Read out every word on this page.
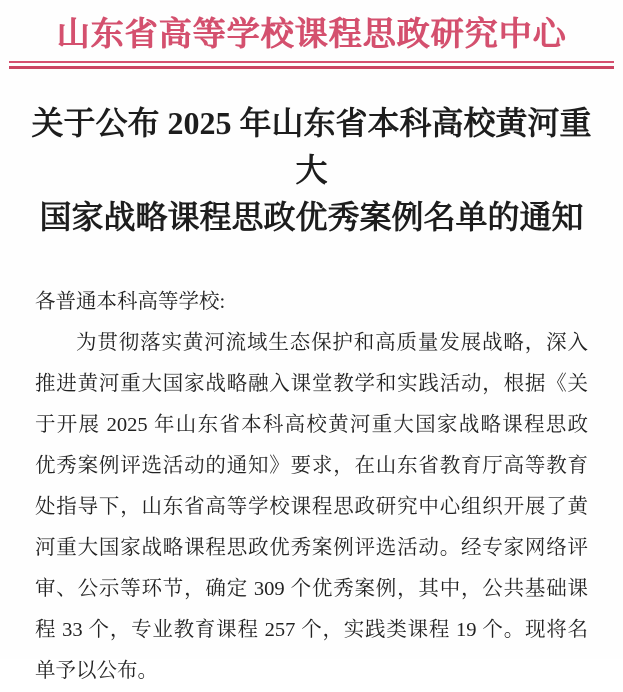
山东省高等学校课程思政研究中心
关于公布 2025 年山东省本科高校黄河重大
国家战略课程思政优秀案例名单的通知
各普通本科高等学校:
为贯彻落实黄河流域生态保护和高质量发展战略，深入
推进黄河重大国家战略融入课堂教学和实践活动，根据《关
于开展 2025 年山东省本科高校黄河重大国家战略课程思政
优秀案例评选活动的通知》要求，在山东省教育厅高等教育
处指导下，山东省高等学校课程思政研究中心组织开展了黄
河重大国家战略课程思政优秀案例评选活动。经专家网络评
审、公示等环节，确定 309 个优秀案例，其中，公共基础课
程 33 个，专业教育课程 257 个，实践类课程 19 个。现将名
单予以公布。
